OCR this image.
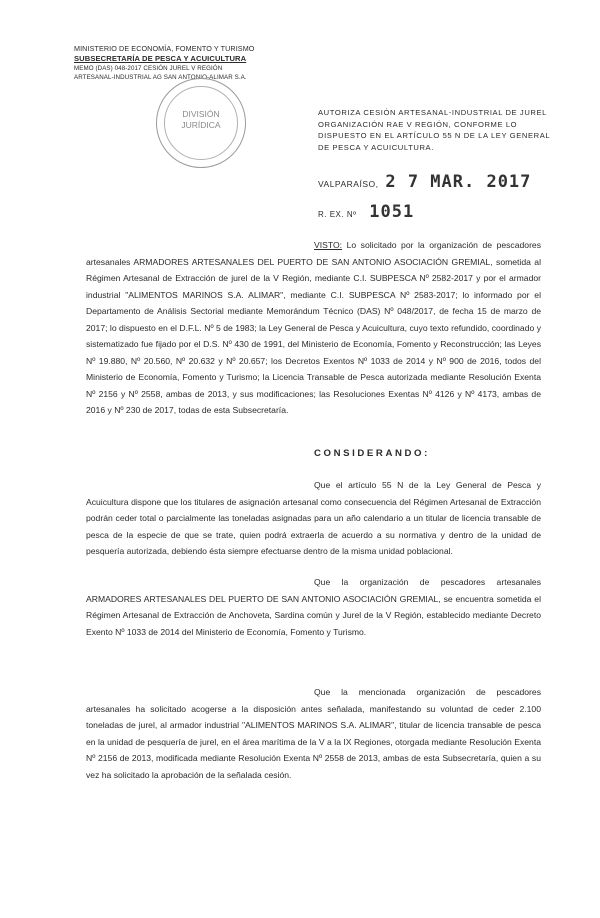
MINISTERIO DE ECONOMÍA, FOMENTO Y TURISMO
SUBSECRETARÍA DE PESCA Y ACUICULTURA
MEMO (DAS) 048-2017 CESIÓN JUREL V REGIÓN
ARTESANAL-INDUSTRIAL AG SAN ANTONIO-ALIMAR S.A.
DIVISIÓN
JURÍDICA
AUTORIZA CESIÓN ARTESANAL-INDUSTRIAL DE JUREL ORGANIZACIÓN RAE V REGIÓN, CONFORME LO DISPUESTO EN EL ARTÍCULO 55 N DE LA LEY GENERAL DE PESCA Y ACUICULTURA.
VALPARAÍSO, 2 7 MAR. 2017
R. EX. Nº 1051
VISTO: Lo solicitado por la organización de pescadores artesanales ARMADORES ARTESANALES DEL PUERTO DE SAN ANTONIO ASOCIACIÓN GREMIAL, sometida al Régimen Artesanal de Extracción de jurel de la V Región, mediante C.I. SUBPESCA Nº 2582-2017 y por el armador industrial "ALIMENTOS MARINOS S.A. ALIMAR", mediante C.I. SUBPESCA Nº 2583-2017; lo informado por el Departamento de Análisis Sectorial mediante Memorándum Técnico (DAS) Nº 048/2017, de fecha 15 de marzo de 2017; lo dispuesto en el D.F.L. Nº 5 de 1983; la Ley General de Pesca y Acuicultura, cuyo texto refundido, coordinado y sistematizado fue fijado por el D.S. Nº 430 de 1991, del Ministerio de Economía, Fomento y Reconstrucción; las Leyes Nº 19.880, Nº 20.560, Nº 20.632 y Nº 20.657; los Decretos Exentos Nº 1033 de 2014 y Nº 900 de 2016, todos del Ministerio de Economía, Fomento y Turismo; la Licencia Transable de Pesca autorizada mediante Resolución Exenta Nº 2156 y Nº 2558, ambas de 2013, y sus modificaciones; las Resoluciones Exentas Nº 4126 y Nº 4173, ambas de 2016 y Nº 230 de 2017, todas de esta Subsecretaría.
CONSIDERANDO:
Que el artículo 55 N de la Ley General de Pesca y Acuicultura dispone que los titulares de asignación artesanal como consecuencia del Régimen Artesanal de Extracción podrán ceder total o parcialmente las toneladas asignadas para un año calendario a un titular de licencia transable de pesca de la especie de que se trate, quien podrá extraerla de acuerdo a su normativa y dentro de la unidad de pesquería autorizada, debiendo ésta siempre efectuarse dentro de la misma unidad poblacional.
Que la organización de pescadores artesanales ARMADORES ARTESANALES DEL PUERTO DE SAN ANTONIO ASOCIACIÓN GREMIAL, se encuentra sometida el Régimen Artesanal de Extracción de Anchoveta, Sardina común y Jurel de la V Región, establecido mediante Decreto Exento Nº 1033 de 2014 del Ministerio de Economía, Fomento y Turismo.
Que la mencionada organización de pescadores artesanales ha solicitado acogerse a la disposición antes señalada, manifestando su voluntad de ceder 2.100 toneladas de jurel, al armador industrial "ALIMENTOS MARINOS S.A. ALIMAR", titular de licencia transable de pesca en la unidad de pesquería de jurel, en el área marítima de la V a la IX Regiones, otorgada mediante Resolución Exenta Nº 2156 de 2013, modificada mediante Resolución Exenta Nº 2558 de 2013, ambas de esta Subsecretaría, quien a su vez ha solicitado la aprobación de la señalada cesión.
